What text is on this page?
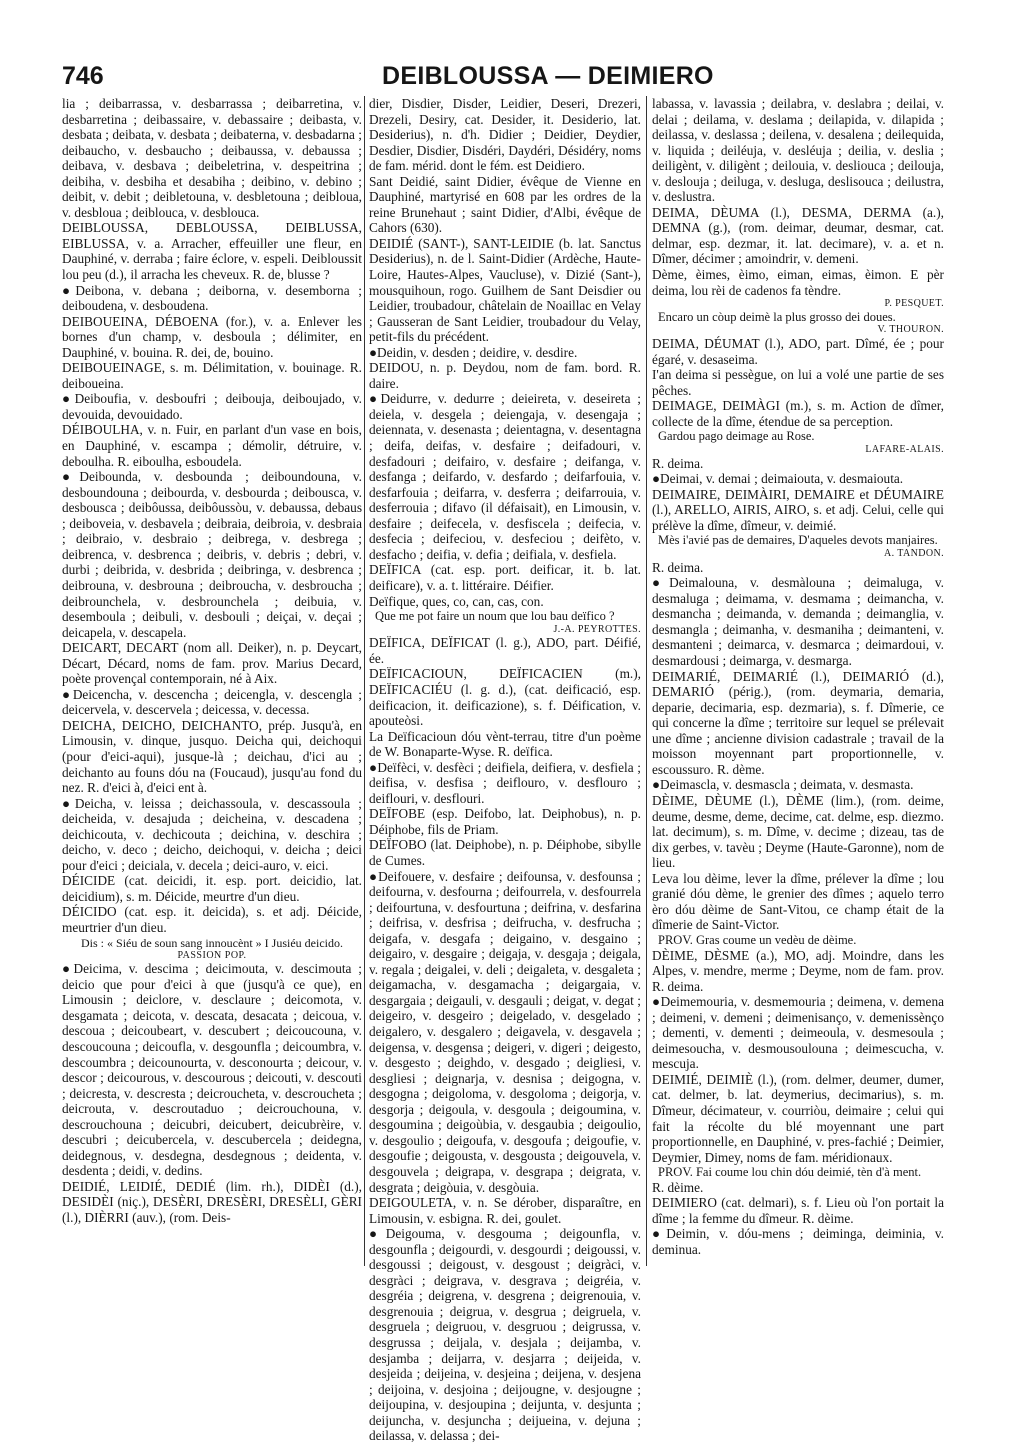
746	DEIBLOUSSA — DEIMIERO

lia ; deibarrassa, v. desbarrassa ; deibarretina, v. desbarretina ; deibassaire, v. debassaire ; deibasta, v. desbata ; deibata, v. desbata ; deibaterna, v. desbadarna ; deibaucho, v. desbaucho ; deibaussa, v. debaussa ; deibava, v. desbava ; deibeletrina, v. despeitrina ; deibiha, v. desbiha et desabiha ; deibino, v. debino ; deibit, v. debit ; deibletouna, v. desbletouna ; deibloua, v. desbloua ; deiblouca, v. desblouca.

DEIBLOUSSA, DEBLOUSSA, DEIBLUSSA, EIBLUSSA, v. a. Arracher, effeuiller une fleur, en Dauphiné, v. derraba ; faire éclore, v. espeli. Deibloussit lou peu (d.), il arracha les cheveux. R. de, blusse ?

●Deibona, v. debana ; deiborna, v. desemborna ; deiboudena, v. desboudena.

DEIBOUEINA, DÉBOENA (for.), v. a. Enlever les bornes d'un champ, v. desboula ; délimiter, en Dauphiné, v. bouina. R. dei, de, bouino.

DEIBOUEINAGE, s. m. Délimitation, v. bouinage. R. deiboueina.

●Deiboufia, v. desboufri ; deibouja, deiboujado, v. devouida, devouidado.

DÉIBOULHA, v. n. Fuir, en parlant d'un vase en bois, en Dauphiné, v. escampa ; démolir, détruire, v. deboulha. R. eiboulha, esboudela.

●Deibounda, v. desbounda ; deiboundouna, v. desboundouna ; deibourda, v. desbourda ; deibousca, v. desbousca ; deibôussa, deibôussòu, v. debaussa, debaus ; deiboveia, v. desbavela ; deibraia, deibroia, v. desbraia ; deibraio, v. desbraio ; deibrega, v. desbrega ; deibrenca, v. desbrenca ; deibris, v. debris ; debri, v. durbi ; deibrida, v. desbrida ; deibringa, v. desbrenca ; deibrouna, v. desbrouna ; deibroucha, v. desbroucha ; deibrounchela, v. desbrounchela ; deibuia, v. desemboula ; deibuli, v. desbouli ; deiçai, v. deçai ; deicapela, v. descapela.

DEICART, DECART (nom all. Deiker), n. p. Deycart, Décart, Décard, noms de fam. prov. Marius Decard, poète provençal contemporain, né à Aix.

●Deicencha, v. descencha ; deicengla, v. descengla ; deicervela, v. descervela ; deicessa, v. decessa.

DEICHA, DEICHO, DEICHANTO, prép. Jusqu'à, en Limousin, v. dinque, jusquo. Deicha qui, deichoqui (pour d'eici-aqui), jusque-là ; deichau, d'ici au ; deichanto au founs dóu na (Foucaud), jusqu'au fond du nez. R. d'eici à, d'eici ent à.

●Deicha, v. leissa ; deichassoula, v. descassoula ; deicheida, v. desajuda ; deicheina, v. descadena ; deichicouta, v. dechicouta ; deichina, v. deschira ; deicho, v. deco ; deicho, deichoqui, v. deicha ; deici pour d'eici ; deiciala, v. decela ; deici-auro, v. eici.

DÉICIDE (cat. deicidi, it. esp. port. deicidio, lat. deicidium), s. m. Déicide, meurtre d'un dieu.

DÉICIDO (cat. esp. it. deicida), s. et adj. Déicide, meurtrier d'un dieu.

Dis : « Siéu de soun sang innoucènt » I Jusiéu deicido.

PASSION POP.

●Deicima, v. descima ; deicimouta, v. descimouta ; deicio que pour d'eici à que (jusqu'à ce que), en Limousin ; deiclore, v. desclaure ; deicomota, v. desgamata ; deicota, v. descata, desacata ; deicoua, v. descoua ; deicoubeart, v. descubert ; deicoucouna, v. descoucouna ; deicoufla, v. desgounfla ; deicoumbra, v. descoumbra ; deicounourta, v. desconourta ; deicour, v. descor ; deicourous, v. descourous ; deicouti, v. descouti ; deicresta, v. descresta ; deicroucheta, v. descroucheta ; deicrouta, v. descroutaduo ; deicrouchouna, v. descrouchouna ; deicubri, deicubert, deicubrèire, v. descubri ; deicubercela, v. descubercela ; deidegna, deidegnous, v. desdegna, desdegnous ; deidenta, v. desdenta ; deidi, v. dedins.

DEIDIÉ, LEIDIÉ, DEDIÉ (lim. rh.), DIDÈI (d.), DESIDÈI (niç.), DESÈRI, DRESÈRI, DRESÈLI, GÈRI (l.), DIÈRRI (auv.), (rom. Deis-

dier, Disdier, Disder, Leidier, Deseri, Drezeri, Drezeli, Desiry, cat. Desider, it. Desiderio, lat. Desiderius), n. d'h. Didier ; Deidier, Deydier, Desdier, Disdier, Disdéri, Daydéri, Désidéry, noms de fam. mérid. dont le fém. est Deidiero.

Sant Deidié, saint Didier, évêque de Vienne en Dauphiné, martyrisé en 608 par les ordres de la reine Brunehaut ; saint Didier, d'Albi, évêque de Cahors (630).

DEIDIÉ (SANT-), SANT-LEIDIE (b. lat. Sanctus Desiderius), n. de l. Saint-Didier (Ardèche, Haute-Loire, Hautes-Alpes, Vaucluse), v. Dizié (Sant-), mousquihoun, rogo. Guilhem de Sant Deisdier ou Leidier, troubadour, châtelain de Noaillac en Velay ; Gausseran de Sant Leidier, troubadour du Velay, petit-fils du précédent.

●Deidin, v. desden ; deidire, v. desdire.

DEIDOU, n. p. Deydou, nom de fam. bord. R. daire.

●Deidurre, v. dedurre ; deieireta, v. deseireta ; deiela, v. desgela ; deiengaja, v. desengaja ; deiennata, v. desenasta ; deientagna, v. desentagna ; deifa, deifas, v. desfaire ; deifadouri, v. desfadouri ; deifairo, v. desfaire ; deifanga, v. desfanga ; deifardo, v. desfardo ; deifarfouia, v. desfarfouia ; deifarra, v. desferra ; deifarrouia, v. desferrouia ; difavo (il défaisait), en Limousin, v. desfaire ; deifecela, v. desfiscela ; deifecia, v. desfecia ; deifeciou, v. desfeciou ; deifèto, v. desfacho ; deifia, v. defia ; deifiala, v. desfiela.

DEÏFICA (cat. esp. port. deificar, it. b. lat. deificare), v. a. t. littéraire. Déifier.

Deïfique, ques, co, can, cas, con.

Que me pot faire un noum que lou bau deïfico ?

J.-A. PEYROTTES.

DEÏFICA, DEÏFICAT (l. g.), ADO, part. Déifié, ée.

DEÏFICACIOUN, DEÏFICACIEN (m.), DEÏFICACIÉU (l. g. d.), (cat. deificació, esp. deificacion, it. deificazione), s. f. Déification, v. apouteòsi.

La Deïficacioun dóu vènt-terrau, titre d'un poème de W. Bonaparte-Wyse. R. deïfica.

●Deïfèci, v. desfèci ; deifiela, deifiera, v. desfiela ; deifisa, v. desfisa ; deiflouro, v. desflouro ; deiflouri, v. desflouri.

DEÏFOBE (esp. Deifobo, lat. Deiphobus), n. p. Déiphobe, fils de Priam.

DEÏFOBO (lat. Deiphobe), n. p. Déiphobe, sibylle de Cumes.

●Deifouere, v. desfaire ; deifounsa, v. desfounsa ; deifourna, v. desfourna ; deifourrela, v. desfourrela ; deifourtuna, v. desfourtuna ; deifrina, v. desfarina ; deifrisa, v. desfrisa ; deifrucha, v. desfrucha ; deigafa, v. desgafa ; deigaino, v. desgaino ; deigairo, v. desgaire ; deigaja, v. desgaja ; deigala, v. regala ; deigalei, v. deli ; deigaleta, v. desgaleta ; deigamacha, v. desgamacha ; deigargaia, v. desgargaia ; deigauli, v. desgauli ; deigat, v. degat ; deigeiro, v. desgeiro ; deigelado, v. desgelado ; deigalero, v. desgalero ; deigavela, v. desgavela ; deigensa, v. desgensa ; deigeri, v. digeri ; deigesto, v. desgesto ; deighdo, v. desgado ; deigliesi, v. desgliesi ; deignarja, v. desnisa ; deigogna, v. desgogna ; deigoloma, v. desgoloma ; deigorja, v. desgorja ; deigoula, v. desgoula ; deigoumina, v. desgoumina ; deigoùbia, v. desgaubia ; deigoulio, v. desgoulio ; deigoufa, v. desgoufa ; deigoufie, v. desgoufie ; deigousta, v. desgousta ; deigouvela, v. desgouvela ; deigrapa, v. desgrapa ; deigrata, v. desgrata ; deigòuia, v. desgòuia.

DEIGOULETA, v. n. Se dérober, disparaître, en Limousin, v. esbigna. R. dei, goulet.

●Deigouma, v. desgouma ; deigounfla, v. desgounfla ; deigourdi, v. desgourdi ; deigoussi, v. desgoussi ; deigoust, v. desgoust ; deigràci, v. desgràci ; deigrava, v. desgrava ; deigréia, v. desgréia ; deigrena, v. desgrena ; deigrenouia, v. desgrenouia ; deigrua, v. desgrua ; deigruela, v. desgruela ; deigruou, v. desgruou ; deigrussa, v. desgrussa ; deijala, v. desjala ; deijamba, v. desjamba ; deijarra, v. desjarra ; deijeida, v. desjeida ; deijeina, v. desjeina ; deijena, v. desjena ; deijoina, v. desjoina ; deijougne, v. desjougne ; deijoupina, v. desjoupina ; deijunta, v. desjunta ; deijuncha, v. desjuncha ; deijueina, v. dejuna ; deilassa, v. delassa ; dei-

labassa, v. lavassia ; deilabra, v. deslabra ; deilai, v. delai ; deilama, v. deslama ; deilapida, v. dilapida ; deilassa, v. deslassa ; deilena, v. desalena ; deilequida, v. liquida ; deiléuja, v. desléuja ; deilia, v. deslia ; deiligènt, v. diligènt ; deilouia, v. desliouca ; deilouja, v. deslouja ; deiluga, v. desluga, deslisouca ; deilustra, v. deslustra.

DEIMA, DÈUMA (l.), DESMA, DERMA (a.), DEMNA (g.), (rom. deimar, deumar, desmar, cat. delmar, esp. dezmar, it. lat. decimare), v. a. et n. Dîmer, décimer ; amoindrir, v. demeni.

Dème, èimes, èimo, eiman, eimas, èimon. E pèr deima, lou rèi de cadenos fa tèndre.

P. PESQUET.

Encaro un còup deimè la plus grosso dei doues.

V. THOURON.

DEIMA, DÉUMAT (l.), ADO, part. Dîmé, ée ; pour égaré, v. desaseima.

I'an deima si pessègue, on lui a volé une partie de ses pêches.

DEIMAGE, DEIMÀGI (m.), s. m. Action de dîmer, collecte de la dîme, étendue de sa perception.

Gardou pago deimage au Rose.

LAFARE-ALAIS.

R. deima.

●Deimai, v. demai ; deimaiouta, v. desmaiouta.

DEIMAIRE, DEIMÀIRI, DEMAIRE et DÉUMAIRE (l.), ARELLO, AIRIS, AIRO, s. et adj. Celui, celle qui prélève la dîme, dîmeur, v. deimié.

Mès i'avié pas de demaires, D'aqueles devots manjaires.

A. TANDON.

R. deima.

●Deimalouna, v. desmàlouna ; deimaluga, v. desmaluga ; deimama, v. desmama ; deimancha, v. desmancha ; deimanda, v. demanda ; deimanglia, v. desmangla ; deimanha, v. desmaniha ; deimanteni, v. desmanteni ; deimarca, v. desmarca ; deimardoui, v. desmardousi ; deimarga, v. desmarga.

DEIMARIÉ, DEIMARIÉ (l.), DEIMARIÓ (d.), DEMARIÓ (périg.), (rom. deymaria, demaria, deparie, decimaria, esp. dezmaria), s. f. Dîmerie, ce qui concerne la dîme ; territoire sur lequel se prélevait une dîme ; ancienne division cadastrale ; travail de la moisson moyennant part proportionnelle, v. escoussuro. R. dème.

●Deimascla, v. desmascla ; deimata, v. desmasta.

DÈIME, DÈUME (l.), DÈME (lim.), (rom. deime, deume, desme, deme, decime, cat. delme, esp. diezmo. lat. decimum), s. m. Dîme, v. decime ; dizeau, tas de dix gerbes, v. tavèu ; Deyme (Haute-Garonne), nom de lieu.

Leva lou dèime, lever la dîme, prélever la dîme ; lou granié dóu dème, le grenier des dîmes ; aquelo terro èro dóu dèime de Sant-Vitou, ce champ était de la dîmerie de Saint-Victor.

PROV. Gras coume un vedèu de dèime.

DÈIME, DÈSME (a.), MO, adj. Moindre, dans les Alpes, v. mendre, merme ; Deyme, nom de fam. prov. R. deima.

●Deimemouria, v. desmemouria ; deimena, v. demena ; deimeni, v. demeni ; deimenisanço, v. demenissènço ; dementi, v. dementi ; deimeoula, v. desmesoula ; deimesoucha, v. desmousoulouna ; deimescucha, v. mescuja.

DEIMIÉ, DEIMIÈ (l.), (rom. delmer, deumer, dumer, cat. delmer, b. lat. deymerius, decimarius), s. m. Dîmeur, décimateur, v. courriòu, deimaire ; celui qui fait la récolte du blé moyennant une part proportionnelle, en Dauphiné, v. pres-fachié ; Deimier, Deymier, Dimey, noms de fam. méridionaux.

PROV. Fai coume lou chin dóu deimié, tèn d'à ment.

R. dèime.

DEIMIERO (cat. delmari), s. f. Lieu où l'on portait la dîme ; la femme du dîmeur. R. dèime.

●Deimin, v. dóu-mens ; deiminga, deiminia, v. deminua.
